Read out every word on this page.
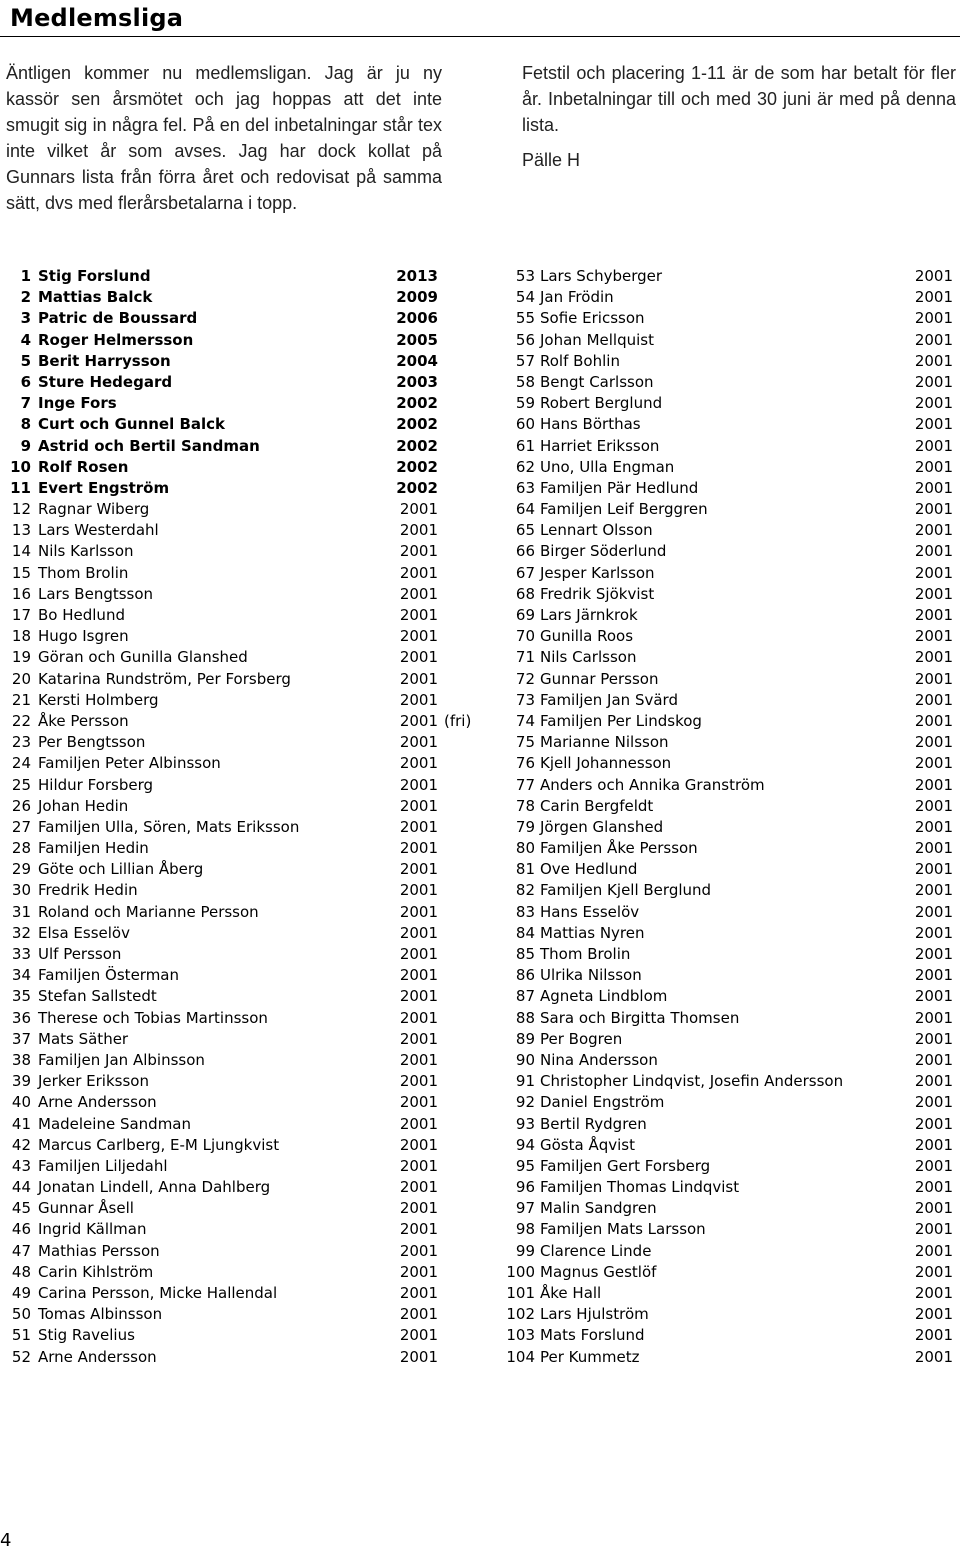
Medlemsliga
Äntligen kommer nu medlemsligan. Jag är ju ny kassör sen årsmötet och jag hoppas att det inte smugit sig in några fel. På en del inbetalningar står tex inte vilket år som avses. Jag har dock kollat på Gunnars lista från förra året och redovisat på samma sätt, dvs med flerårsbetalarna i topp.
Fetstil och placering 1-11 är de som har betalt för fler år. Inbetalningar till och med 30 juni är med på denna lista.
Pälle H
1 Stig Forslund	2013
2 Mattias Balck	2009
3 Patric de Boussard	2006
4 Roger Helmersson	2005
5 Berit Harrysson	2004
6 Sture Hedegard	2003
7 Inge Fors	2002
8 Curt och Gunnel Balck	2002
9 Astrid och Bertil Sandman	2002
10 Rolf Rosen	2002
11 Evert Engström	2002
12 Ragnar Wiberg	2001
13 Lars Westerdahl	2001
14 Nils Karlsson	2001
15 Thom Brolin	2001
16 Lars Bengtsson	2001
17 Bo Hedlund	2001
18 Hugo Isgren	2001
19 Göran och Gunilla Glanshed	2001
20 Katarina Rundström, Per Forsberg	2001
21 Kersti Holmberg	2001
22 Åke Persson	2001 (fri)
23 Per Bengtsson	2001
24 Familjen Peter Albinsson	2001
25 Hildur Forsberg	2001
26 Johan Hedin	2001
27 Familjen Ulla, Sören, Mats Eriksson	2001
28 Familjen Hedin	2001
29 Göte och Lillian Åberg	2001
30 Fredrik Hedin	2001
31 Roland och Marianne Persson	2001
32 Elsa Esselöv	2001
33 Ulf Persson	2001
34 Familjen Österman	2001
35 Stefan Sallstedt	2001
36 Therese och Tobias Martinsson	2001
37 Mats Säther	2001
38 Familjen Jan Albinsson	2001
39 Jerker Eriksson	2001
40 Arne Andersson	2001
41 Madeleine Sandman	2001
42 Marcus Carlberg, E-M Ljungkvist	2001
43 Familjen Liljedahl	2001
44 Jonatan Lindell, Anna Dahlberg	2001
45 Gunnar Åsell	2001
46 Ingrid Källman	2001
47 Mathias Persson	2001
48 Carin Kihlström	2001
49 Carina Persson, Micke Hallendal	2001
50 Tomas Albinsson	2001
51 Stig Ravelius	2001
52 Arne Andersson	2001
53 Lars Schyberger	2001
54 Jan Frödin	2001
55 Sofie Ericsson	2001
56 Johan Mellquist	2001
57 Rolf Bohlin	2001
58 Bengt Carlsson	2001
59 Robert Berglund	2001
60 Hans Börthas	2001
61 Harriet Eriksson	2001
62 Uno, Ulla Engman	2001
63 Familjen Pär Hedlund	2001
64 Familjen Leif Berggren	2001
65 Lennart Olsson	2001
66 Birger Söderlund	2001
67 Jesper Karlsson	2001
68 Fredrik Sjökvist	2001
69 Lars Järnkrok	2001
70 Gunilla Roos	2001
71 Nils Carlsson	2001
72 Gunnar Persson	2001
73 Familjen Jan Svärd	2001
74 Familjen Per Lindskog	2001
75 Marianne Nilsson	2001
76 Kjell Johannesson	2001
77 Anders och Annika Granström	2001
78 Carin Bergfeldt	2001
79 Jörgen Glanshed	2001
80 Familjen Åke Persson	2001
81 Ove Hedlund	2001
82 Familjen Kjell Berglund	2001
83 Hans Esselöv	2001
84 Mattias Nyren	2001
85 Thom Brolin	2001
86 Ulrika Nilsson	2001
87 Agneta Lindblom	2001
88 Sara och Birgitta Thomsen	2001
89 Per Bogren	2001
90 Nina Andersson	2001
91 Christopher Lindqvist, Josefin Andersson	2001
92 Daniel Engström	2001
93 Bertil Rydgren	2001
94 Gösta Åqvist	2001
95 Familjen Gert Forsberg	2001
96 Familjen Thomas Lindqvist	2001
97 Malin Sandgren	2001
98 Familjen Mats Larsson	2001
99 Clarence Linde	2001
100 Magnus Gestlöf	2001
101 Åke Hall	2001
102 Lars Hjulström	2001
103 Mats Forslund	2001
104 Per Kummetz	2001
4
